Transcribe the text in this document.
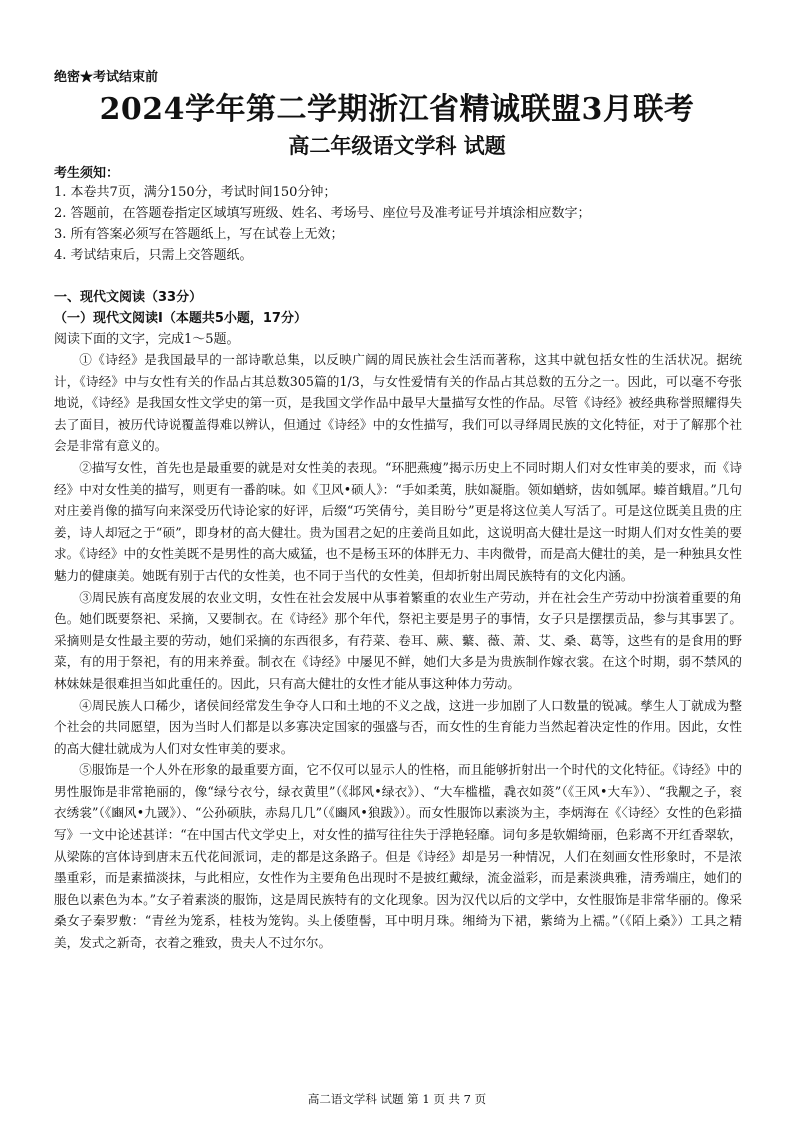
绝密★考试结束前
2024学年第二学期浙江省精诚联盟3月联考
高二年级语文学科 试题
考生须知：
1. 本卷共7页，满分150分，考试时间150分钟；
2. 答题前，在答题卷指定区域填写班级、姓名、考场号、座位号及准考证号并填涂相应数字；
3. 所有答案必须写在答题纸上，写在试卷上无效；
4. 考试结束后，只需上交答题纸。
一、现代文阅读（33分）
（一）现代文阅读Ⅰ（本题共5小题，17分）
阅读下面的文字，完成1～5题。

①《诗经》是我国最早的一部诗歌总集，以反映广阔的周民族社会生活而著称，这其中就包括女性的生活状况。据统计，《诗经》中与女性有关的作品占其总数305篇的1/3，与女性爱情有关的作品占其总数的五分之一。因此，可以毫不夸张地说，《诗经》是我国女性文学史的第一页，是我国文学作品中最早大量描写女性的作品。尽管《诗经》被经典称誉照耀得失去了面目，被历代诗说覆盖得难以辨认，但通过《诗经》中的女性描写，我们可以寻绎周民族的文化特征，对于了解那个社会是非常有意义的。

②描写女性，首先也是最重要的就是对女性美的表现。“环肥燕瘦”揭示历史上不同时期人们对女性审美的要求，而《诗经》中对女性美的描写，则更有一番韵味。如《卫风•硕人》：“手如柔荑，肤如凝脂。领如蝤蛴，齿如瓠犀。螓首蛾眉。”几句对庄姜肖像的描写向来深受历代诗论家的好评，后缀“巧笑倩兮，美目盼兮”更是将这位美人写活了。可是这位既美且贵的庄姜，诗人却冠之于“硕”，即身材的高大健壮。贵为国君之妃的庄姜尚且如此，这说明高大健壮是这一时期人们对女性美的要求。《诗经》中的女性美既不是男性的高大威猛，也不是杨玉环的体胖无力、丰肉微骨，而是高大健壮的美，是一种独具女性魅力的健康美。她既有别于古代的女性美，也不同于当代的女性美，但却折射出周民族特有的文化内涵。

③周民族有高度发展的农业文明，女性在社会发展中从事着繁重的农业生产劳动，并在社会生产劳动中扮演着重要的角色。她们既要祭祀、采摘，又要制衣。在《诗经》那个年代，祭祀主要是男子的事情，女子只是摆摆贡品，参与其事罢了。采摘则是女性最主要的劳动，她们采摘的东西很多，有荇菜、卷耳、蕨、蘩、薇、萧、艾、桑、葛等，这些有的是食用的野菜，有的用于祭祀，有的用来养蚕。制衣在《诗经》中屡见不鲜，她们大多是为贵族制作嫁衣裳。在这个时期，弱不禁风的林妹妹是很难担当如此重任的。因此，只有高大健壮的女性才能从事这种体力劳动。

④周民族人口稀少，诸侯间经常发生争夺人口和土地的不义之战，这进一步加剧了人口数量的锐减。孳生人丁就成为整个社会的共同愿望，因为当时人们都是以多寡决定国家的强盛与否，而女性的生育能力当然起着决定性的作用。因此，女性的高大健壮就成为人们对女性审美的要求。

⑤服饰是一个人外在形象的最重要方面，它不仅可以显示人的性格，而且能够折射出一个时代的文化特征。《诗经》中的男性服饰是非常艳丽的，像“绿兮衣兮，绿衣黄里”（《邶风•绿衣》）、“大车槛槛，毳衣如菼”（《王风•大车》）、“我觏之子，衮衣绣裳”（《豳风•九罭》）、“公孙硕肤，赤舄几几”（《豳风•狼跋》）。而女性服饰以素淡为主，李炳海在《〈诗经〉女性的色彩描写》一文中论述甚详：“在中国古代文学史上，对女性的描写往往失于浮艳轻靡。词句多是软媚绮丽，色彩离不开红香翠软，从梁陈的宫体诗到唐末五代花间派词，走的都是这条路子。但是《诗经》却是另一种情况，人们在刻画女性形象时，不是浓墨重彩，而是素描淡抹，与此相应，女性作为主要角色出现时不是披红戴绿，流金溢彩，而是素淡典雅，清秀端庄，她们的服色以素色为本。”女子着素淡的服饰，这是周民族特有的文化现象。因为汉代以后的文学中，女性服饰是非常华丽的。像采桑女子秦罗敷：“青丝为笼系，桂枝为笼钩。头上倭堕髻，耳中明月珠。缃绮为下裙，紫绮为上襦。”（《陌上桑》）工具之精美，发式之新奇，衣着之雅致，贵夫人不过尔尔。

高二语文学科 试题 第 1 页 共 7 页
